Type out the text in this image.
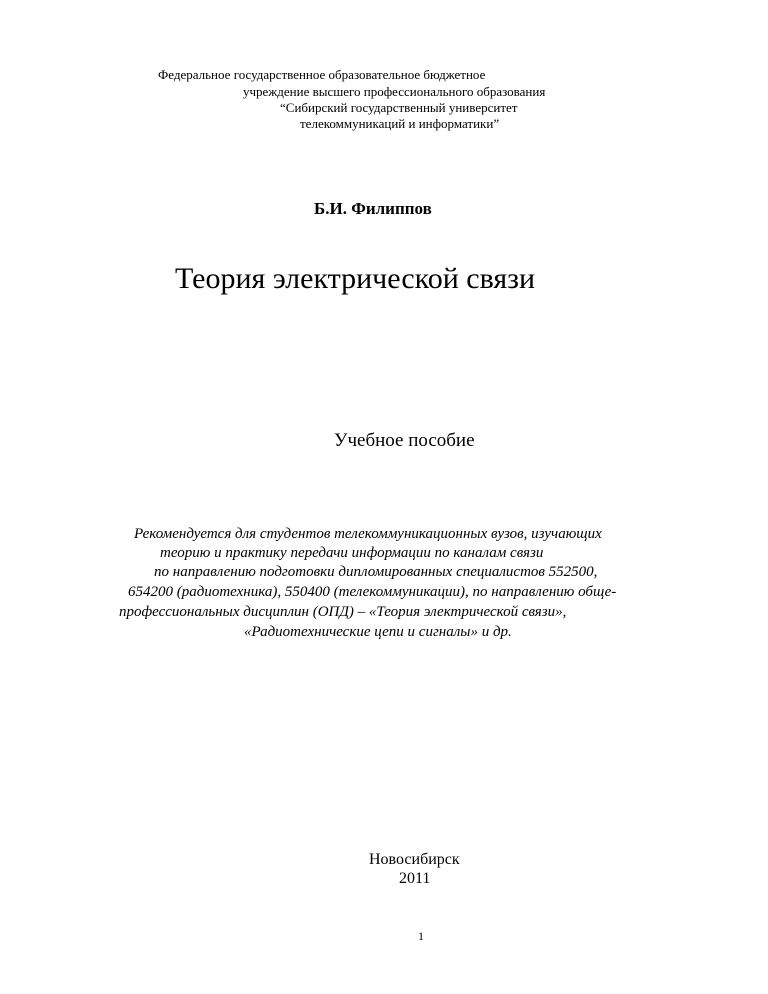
Федеральное государственное образовательное бюджетное
учреждение высшего профессионального образования
“Сибирский государственный университет
телекоммуникаций и информатики”
Б.И. Филиппов
Теория электрической связи
Учебное пособие
Рекомендуется для студентов телекоммуникационных вузов, изучающих
теорию и практику передачи информации по каналам связи
по направлению подготовки дипломированных специалистов 552500,
654200 (радиотехника), 550400 (телекоммуникации), по направлению обще-
профессиональных дисциплин (ОПД) – «Теория электрической связи»,
«Радиотехнические цепи и сигналы» и др.
Новосибирск
2011
1
